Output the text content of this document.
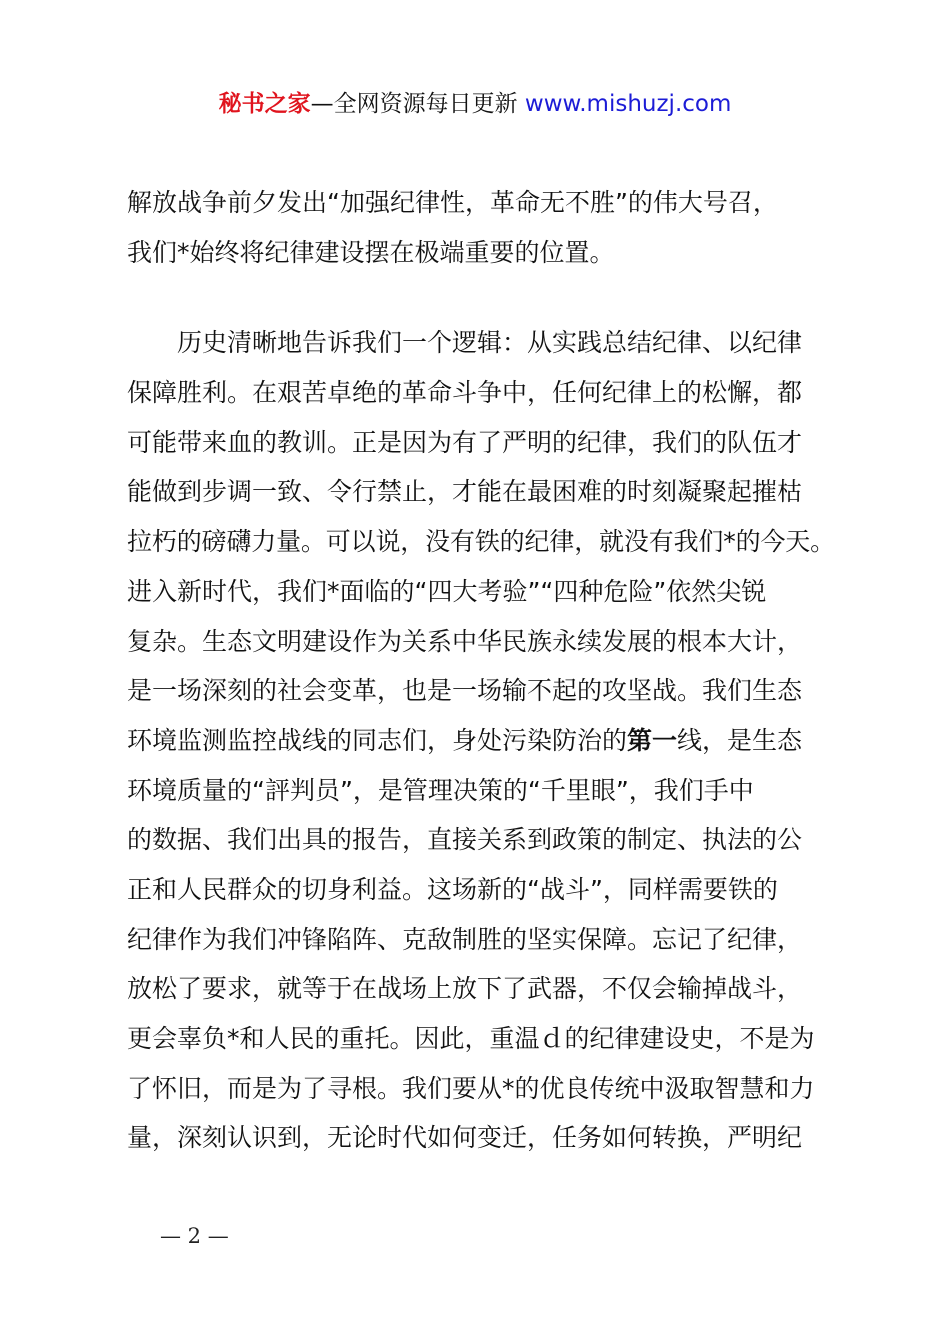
秘书之家—全网资源每日更新 www.mishuzj.com
解放战争前夕发出“加强纪律性，革命无不胜”的伟大号召，
我们*始终将纪律建设摆在极端重要的位置。
历史清晰地告诉我们一个逻辑：从实践总结纪律、以纪律
保障胜利。在艰苦卓绝的革命斗争中，任何纪律上的松懈，都
可能带来血的教训。正是因为有了严明的纪律，我们的队伍才
能做到步调一致、令行禁止，才能在最困难的时刻凝聚起摧枯
拉朽的磅礴力量。可以说，没有铁的纪律，就没有我们*的今天。
进入新时代，我们*面临的“四大考验”“四种危险”依然尖锐
复杂。生态文明建设作为关系中华民族永续发展的根本大计，
是一场深刻的社会变革，也是一场输不起的攻坚战。我们生态
环境监测监控战线的同志们，身处污染防治的第一线，是生态
环境质量的“評判员”，是管理决策的“千里眼”，我们手中
的数据、我们出具的报告，直接关系到政策的制定、执法的公
正和人民群众的切身利益。这场新的“战斗”，同样需要铁的
纪律作为我们冲锋陷阵、克敌制胜的坚实保障。忘记了纪律，
放松了要求，就等于在战场上放下了武器，不仅会输掉战斗，
更会辜负*和人民的重托。因此，重温ｄ的纪律建设史，不是为
了怀旧，而是为了寻根。我们要从*的优良传统中汲取智慧和力
量，深刻认识到，无论时代如何变迁，任务如何转换，严明纪
— 2 —
